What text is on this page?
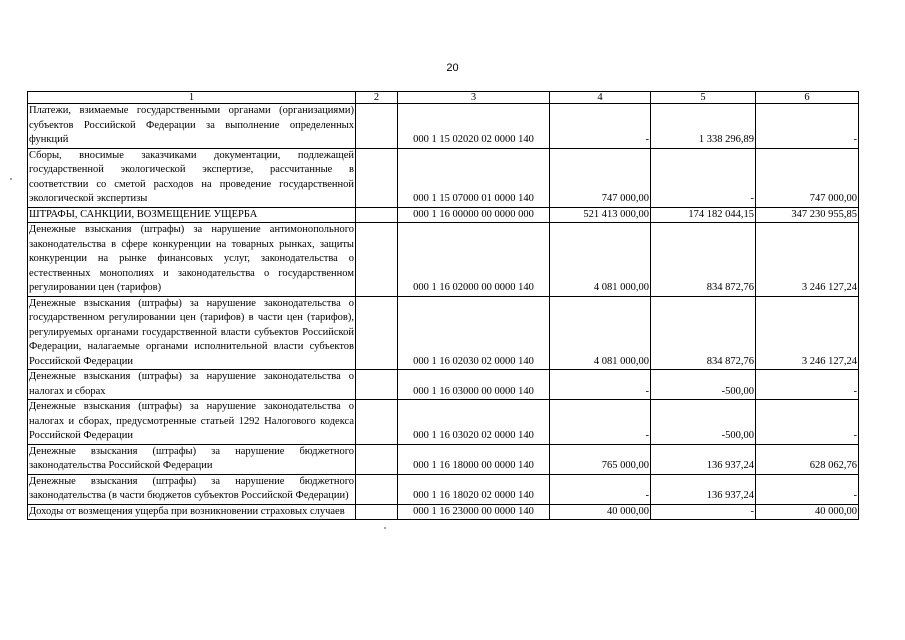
20
1	2	3	4	5	6
Платежи, взимаемые государственными органами (организациями) субъектов Российской Федерации за выполнение определенных функций		000 1 15 02020 02 0000 140	-	1 338 296,89	-
Сборы, вносимые заказчиками документации, подлежащей государственной экологической экспертизе, рассчитанные в соответствии со сметой расходов на проведение государственной экологической экспертизы		000 1 15 07000 01 0000 140	747 000,00	-	747 000,00
ШТРАФЫ, САНКЦИИ, ВОЗМЕЩЕНИЕ УЩЕРБА		000 1 16 00000 00 0000 000	521 413 000,00	174 182 044,15	347 230 955,85
Денежные взыскания (штрафы) за нарушение антимонопольного законодательства в сфере конкуренции на товарных рынках, защиты конкуренции на рынке финансовых услуг, законодательства о естественных монополиях и законодательства о государственном регулировании цен (тарифов)		000 1 16 02000 00 0000 140	4 081 000,00	834 872,76	3 246 127,24
Денежные взыскания (штрафы) за нарушение законодательства о государственном регулировании цен (тарифов) в части цен (тарифов), регулируемых органами государственной власти субъектов Российской Федерации, налагаемые органами исполнительной власти субъектов Российской Федерации		000 1 16 02030 02 0000 140	4 081 000,00	834 872,76	3 246 127,24
Денежные взыскания (штрафы) за нарушение законодательства о налогах и сборах		000 1 16 03000 00 0000 140	-	-500,00	-
Денежные взыскания (штрафы) за нарушение законодательства о налогах и сборах, предусмотренные статьей 1292 Налогового кодекса Российской Федерации		000 1 16 03020 02 0000 140	-	-500,00	-
Денежные взыскания (штрафы) за нарушение бюджетного законодательства Российской Федерации		000 1 16 18000 00 0000 140	765 000,00	136 937,24	628 062,76
Денежные взыскания (штрафы) за нарушение бюджетного законодательства (в части бюджетов субъектов Российской Федерации)		000 1 16 18020 02 0000 140	-	136 937,24	-
Доходы от возмещения ущерба при возникновении страховых случаев		000 1 16 23000 00 0000 140	40 000,00	-	40 000,00
